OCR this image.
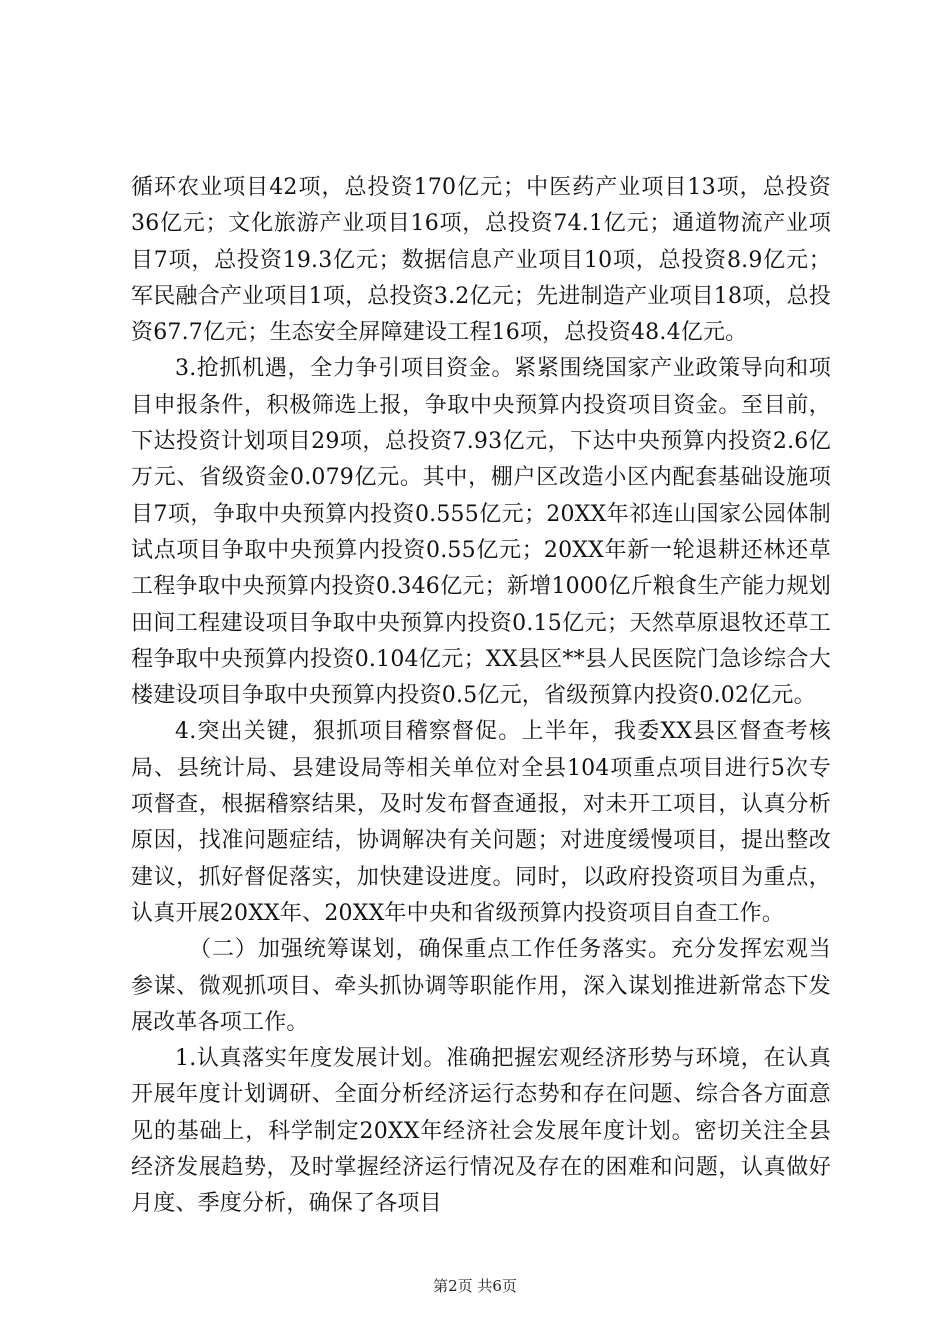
循环农业项目42项，总投资170亿元；中医药产业项目13项，总投资36亿元；文化旅游产业项目16项，总投资74.1亿元；通道物流产业项目7项，总投资19.3亿元；数据信息产业项目10项，总投资8.9亿元；军民融合产业项目1项，总投资3.2亿元；先进制造产业项目18项，总投资67.7亿元；生态安全屏障建设工程16项，总投资48.4亿元。

3.抢抓机遇，全力争引项目资金。紧紧围绕国家产业政策导向和项目申报条件，积极筛选上报，争取中央预算内投资项目资金。至目前，下达投资计划项目29项，总投资7.93亿元，下达中央预算内投资2.6亿万元、省级资金0.079亿元。其中，棚户区改造小区内配套基础设施项目7项，争取中央预算内投资0.555亿元；20XX年祁连山国家公园体制试点项目争取中央预算内投资0.55亿元；20XX年新一轮退耕还林还草工程争取中央预算内投资0.346亿元；新增1000亿斤粮食生产能力规划田间工程建设项目争取中央预算内投资0.15亿元；天然草原退牧还草工程争取中央预算内投资0.104亿元；XX县区**县人民医院门急诊综合大楼建设项目争取中央预算内投资0.5亿元，省级预算内投资0.02亿元。

4.突出关键，狠抓项目稽察督促。上半年，我委XX县区督查考核局、县统计局、县建设局等相关单位对全县104项重点项目进行5次专项督查，根据稽察结果，及时发布督查通报，对未开工项目，认真分析原因，找准问题症结，协调解决有关问题；对进度缓慢项目，提出整改建议，抓好督促落实，加快建设进度。同时，以政府投资项目为重点，认真开展20XX年、20XX年中央和省级预算内投资项目自查工作。

（二）加强统筹谋划，确保重点工作任务落实。充分发挥宏观当参谋、微观抓项目、牵头抓协调等职能作用，深入谋划推进新常态下发展改革各项工作。

1.认真落实年度发展计划。准确把握宏观经济形势与环境，在认真开展年度计划调研、全面分析经济运行态势和存在问题、综合各方面意见的基础上，科学制定20XX年经济社会发展年度计划。密切关注全县经济发展趋势，及时掌握经济运行情况及存在的困难和问题，认真做好月度、季度分析，确保了各项目

第2页 共6页
